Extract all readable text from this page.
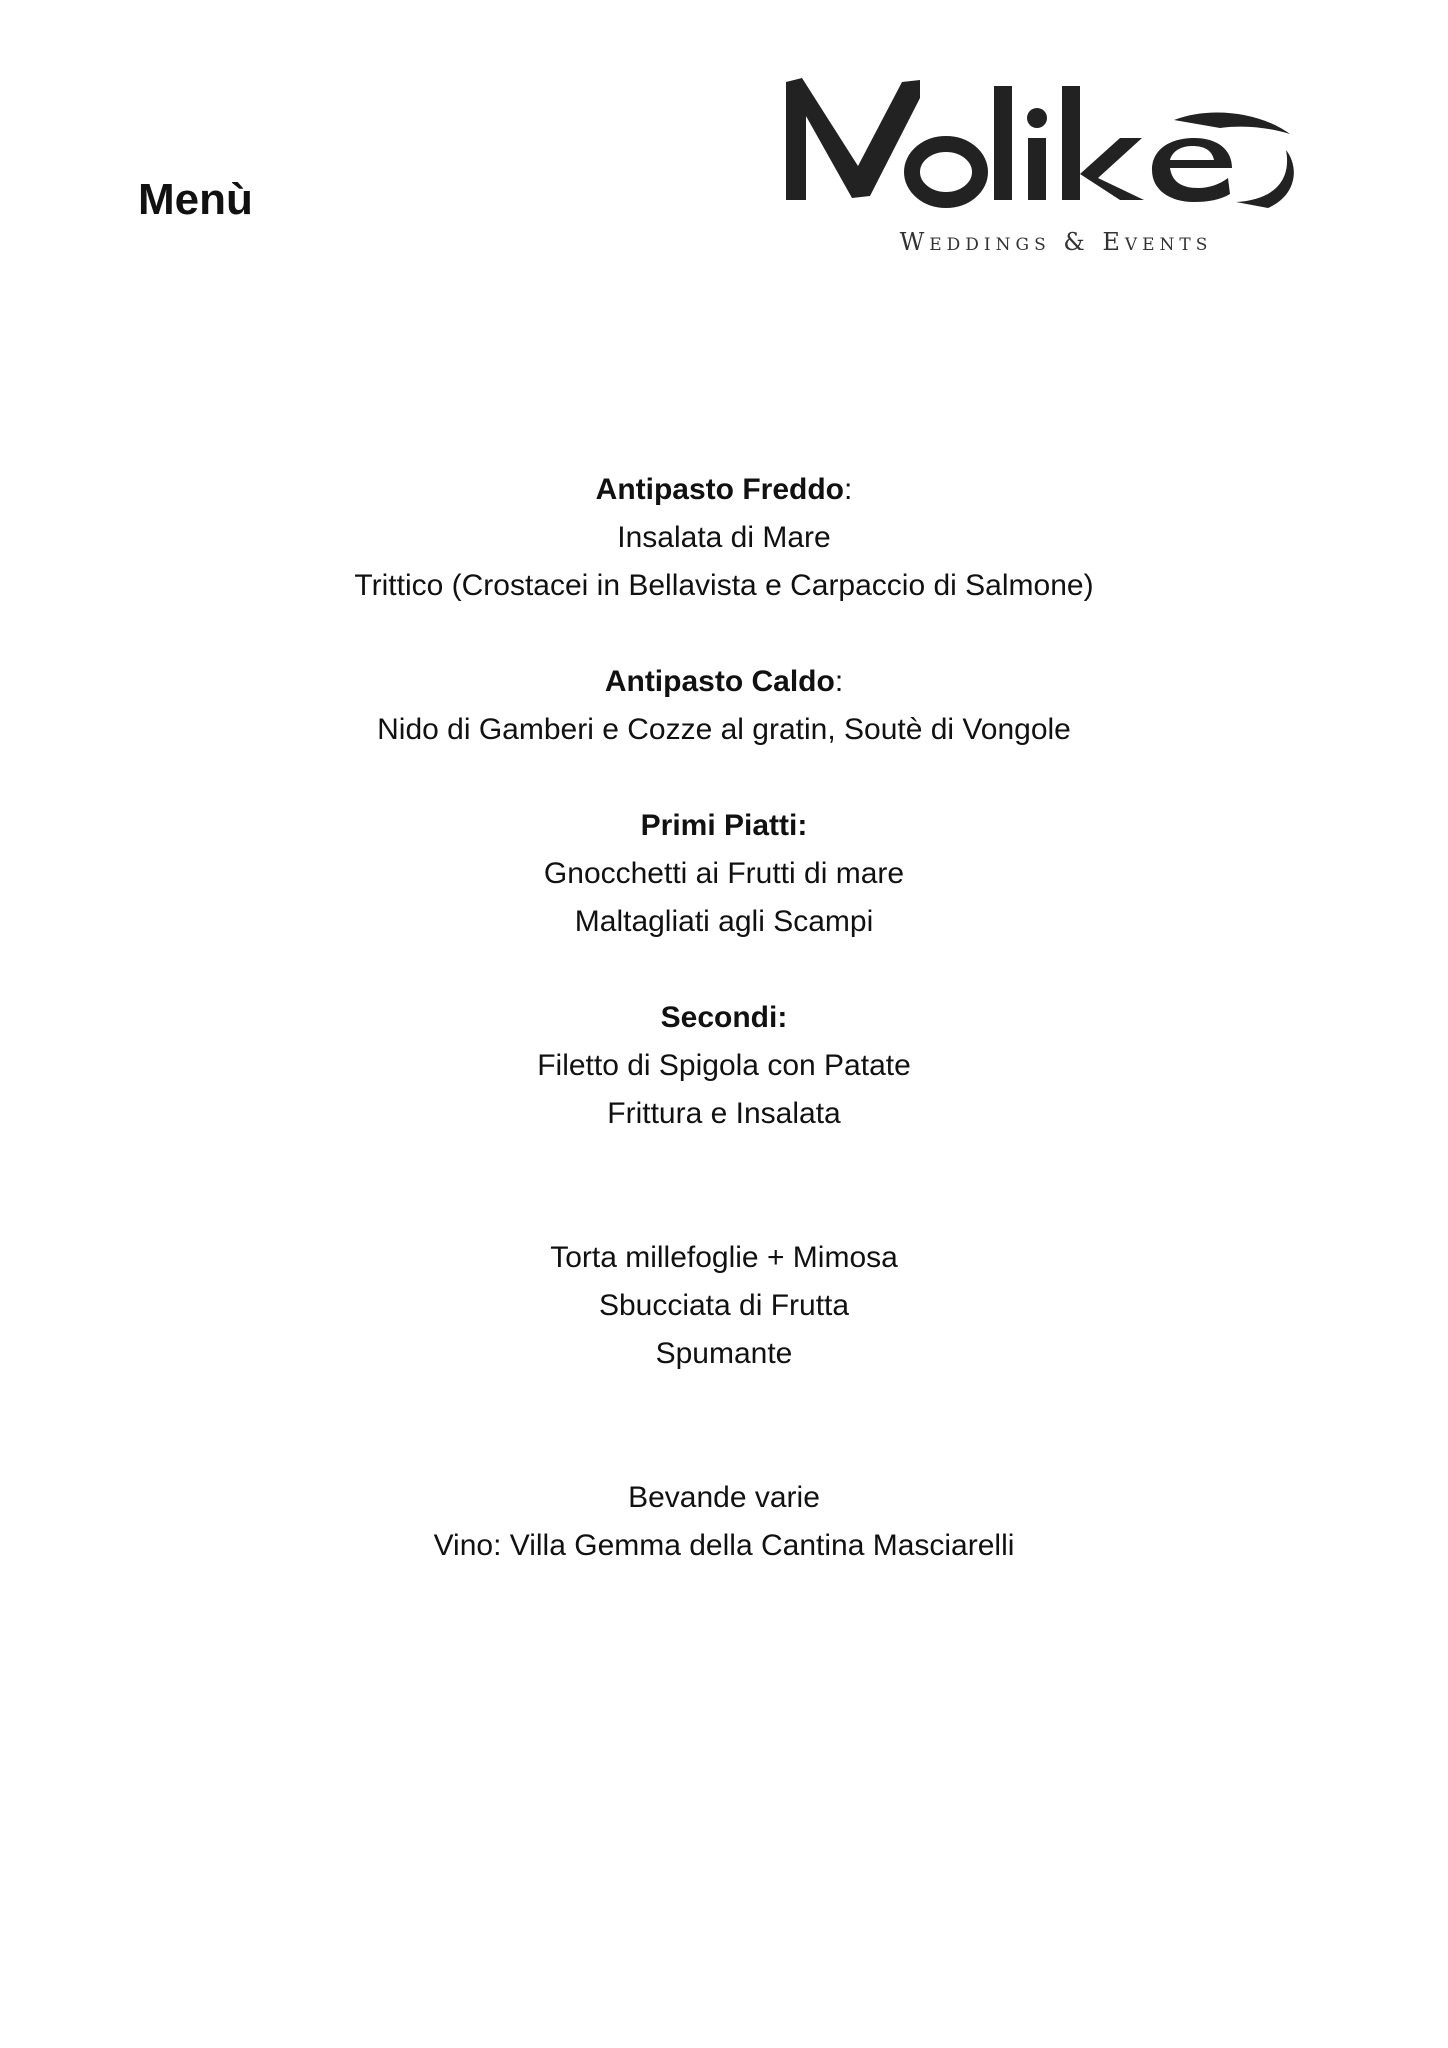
Menù
Weddings & Events
Antipasto Freddo:
Insalata di Mare
Trittico (Crostacei in Bellavista e Carpaccio di Salmone)
Antipasto Caldo:
Nido di Gamberi e Cozze al gratin, Soutè di Vongole
Primi Piatti:
Gnocchetti ai Frutti di mare
Maltagliati agli Scampi
Secondi:
Filetto di Spigola con Patate
Frittura e Insalata
Torta millefoglie + Mimosa
Sbucciata di Frutta
Spumante
Bevande varie
Vino: Villa Gemma della Cantina Masciarelli
